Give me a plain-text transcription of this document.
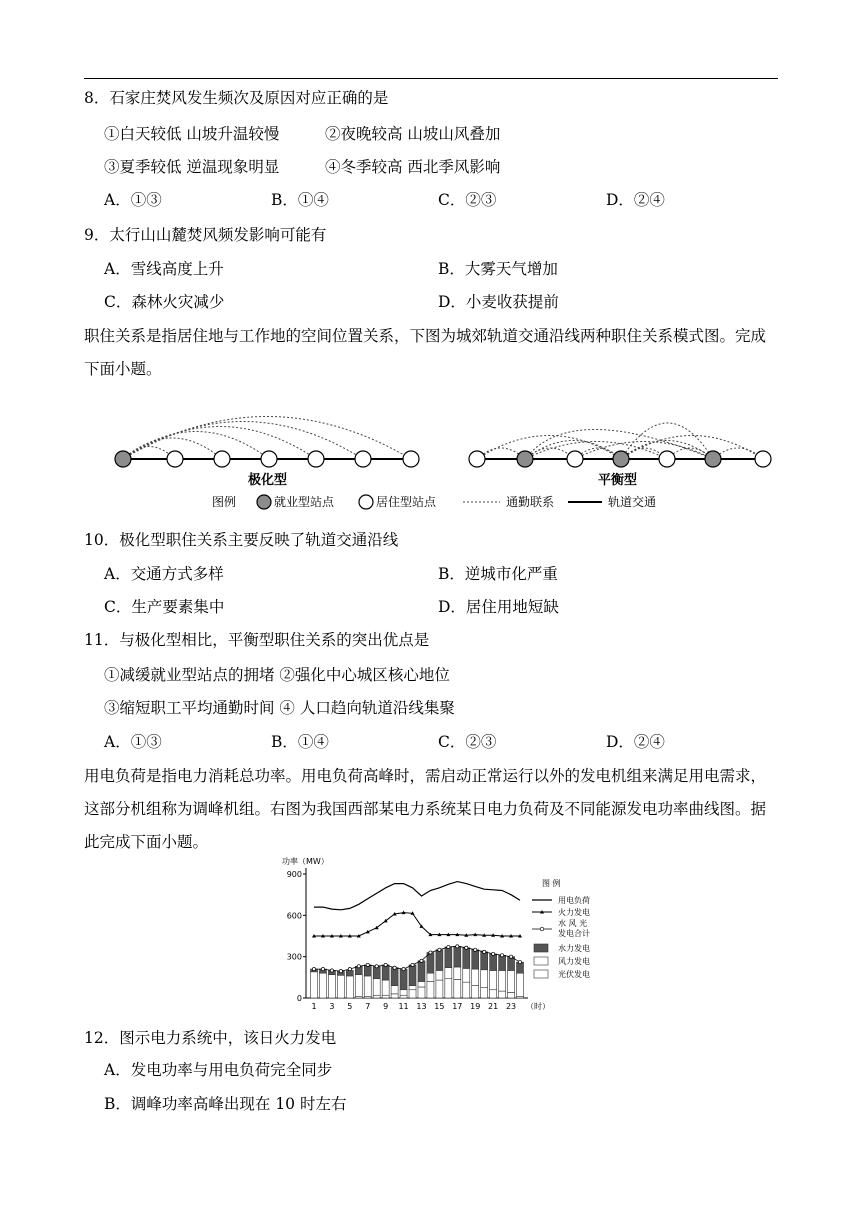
8．石家庄焚风发生频次及原因对应正确的是
①白天较低 山坡升温较慢	②夜晚较高 山坡山风叠加
③夏季较低 逆温现象明显	④冬季较高 西北季风影响
A．①③	B．①④	C．②③	D．②④
9．太行山山麓焚风频发影响可能有
A．雪线高度上升	B．大雾天气增加
C．森林火灾减少	D．小麦收获提前
职住关系是指居住地与工作地的空间位置关系，下图为城郊轨道交通沿线两种职住关系模式图。完成
下面小题。
极化型	平衡型
图例	就业型站点	居住型站点	通勤联系	轨道交通
10．极化型职住关系主要反映了轨道交通沿线
A．交通方式多样	B．逆城市化严重
C．生产要素集中	D．居住用地短缺
11．与极化型相比，平衡型职住关系的突出优点是
①减缓就业型站点的拥堵 ②强化中心城区核心地位
③缩短职工平均通勤时间 ④ 人口趋向轨道沿线集聚
A．①③	B．①④	C．②③	D．②④
用电负荷是指电力消耗总功率。用电负荷高峰时，需启动正常运行以外的发电机组来满足用电需求，
这部分机组称为调峰机组。右图为我国西部某电力系统某日电力负荷及不同能源发电功率曲线图。据
此完成下面小题。
功率（MW）
0
300
600
900
1 3 5 7 9 11 13 15 17 19 21 23 （时）
图 例
用电负荷
火力发电
水 风 光
发电合计
水力发电
风力发电
光伏发电
12．图示电力系统中，该日火力发电
A．发电功率与用电负荷完全同步
B．调峰功率高峰出现在 10 时左右
